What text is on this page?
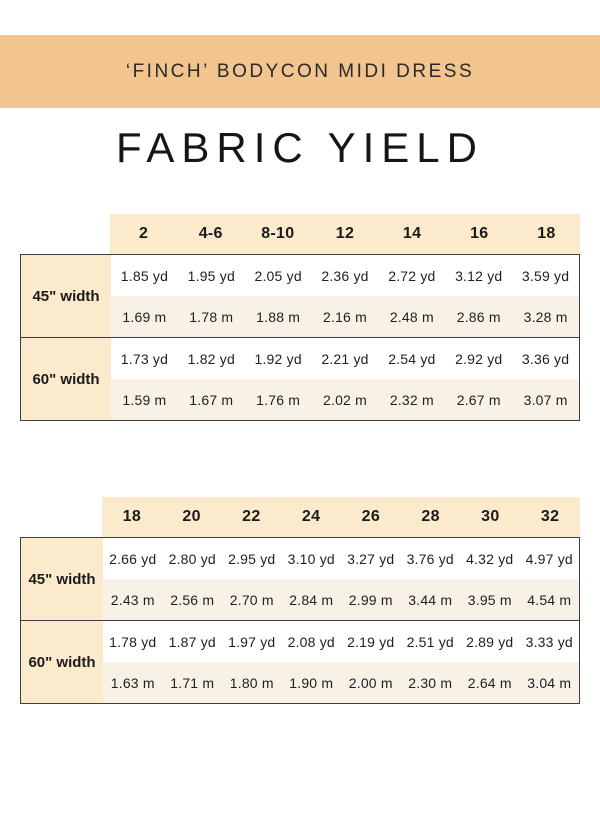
‘FINCH’ BODYCON MIDI DRESS
FABRIC YIELD
2	4-6	8-10	12	14	16	18
45" width
1.85 yd	1.95 yd	2.05 yd	2.36 yd	2.72 yd	3.12 yd	3.59 yd
1.69 m	1.78 m	1.88 m	2.16 m	2.48 m	2.86 m	3.28 m
60" width
1.73 yd	1.82 yd	1.92 yd	2.21 yd	2.54 yd	2.92 yd	3.36 yd
1.59 m	1.67 m	1.76 m	2.02 m	2.32 m	2.67 m	3.07 m
18	20	22	24	26	28	30	32
45" width
2.66 yd 2.80 yd 2.95 yd 3.10 yd 3.27 yd 3.76 yd 4.32 yd 4.97 yd
2.43 m	2.56 m	2.70 m	2.84 m	2.99 m	3.44 m	3.95 m	4.54 m
60" width
1.78 yd 1.87 yd 1.97 yd 2.08 yd 2.19 yd 2.51 yd 2.89 yd 3.33 yd
1.63 m	1.71 m	1.80 m	1.90 m	2.00 m	2.30 m	2.64 m	3.04 m
